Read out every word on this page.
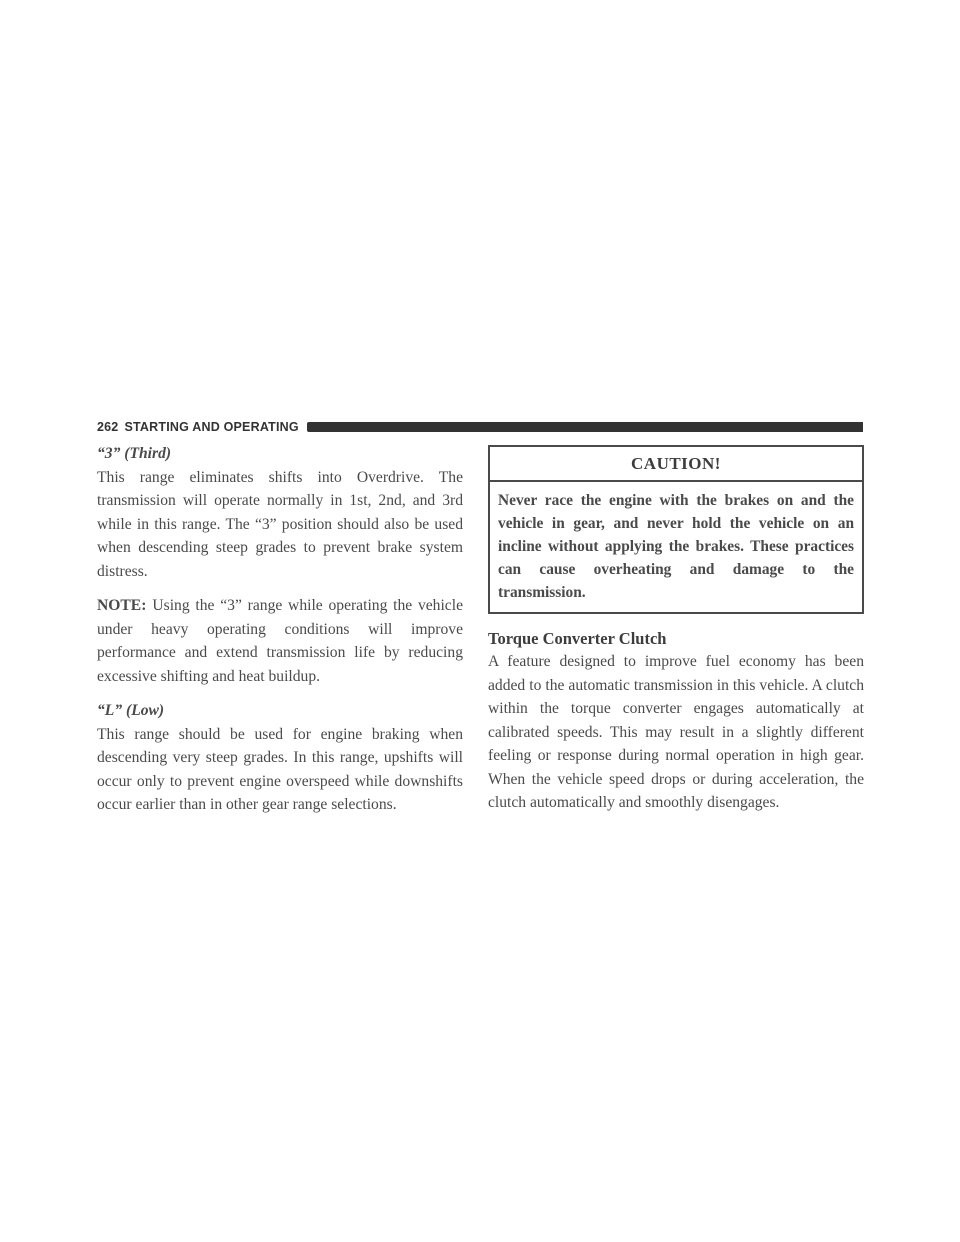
262 STARTING AND OPERATING

“3” (Third)

This range eliminates shifts into Overdrive. The transmission will operate normally in 1st, 2nd, and 3rd while in this range. The “3” position should also be used when descending steep grades to prevent brake system distress.

NOTE: Using the “3” range while operating the vehicle under heavy operating conditions will improve performance and extend transmission life by reducing excessive shifting and heat buildup.

“L” (Low)

This range should be used for engine braking when descending very steep grades. In this range, upshifts will occur only to prevent engine overspeed while downshifts occur earlier than in other gear range selections.

CAUTION!
Never race the engine with the brakes on and the vehicle in gear, and never hold the vehicle on an incline without applying the brakes. These practices can cause overheating and damage to the transmission.
Torque Converter Clutch

A feature designed to improve fuel economy has been added to the automatic transmission in this vehicle. A clutch within the torque converter engages automatically at calibrated speeds. This may result in a slightly different feeling or response during normal operation in high gear. When the vehicle speed drops or during acceleration, the clutch automatically and smoothly disengages.
